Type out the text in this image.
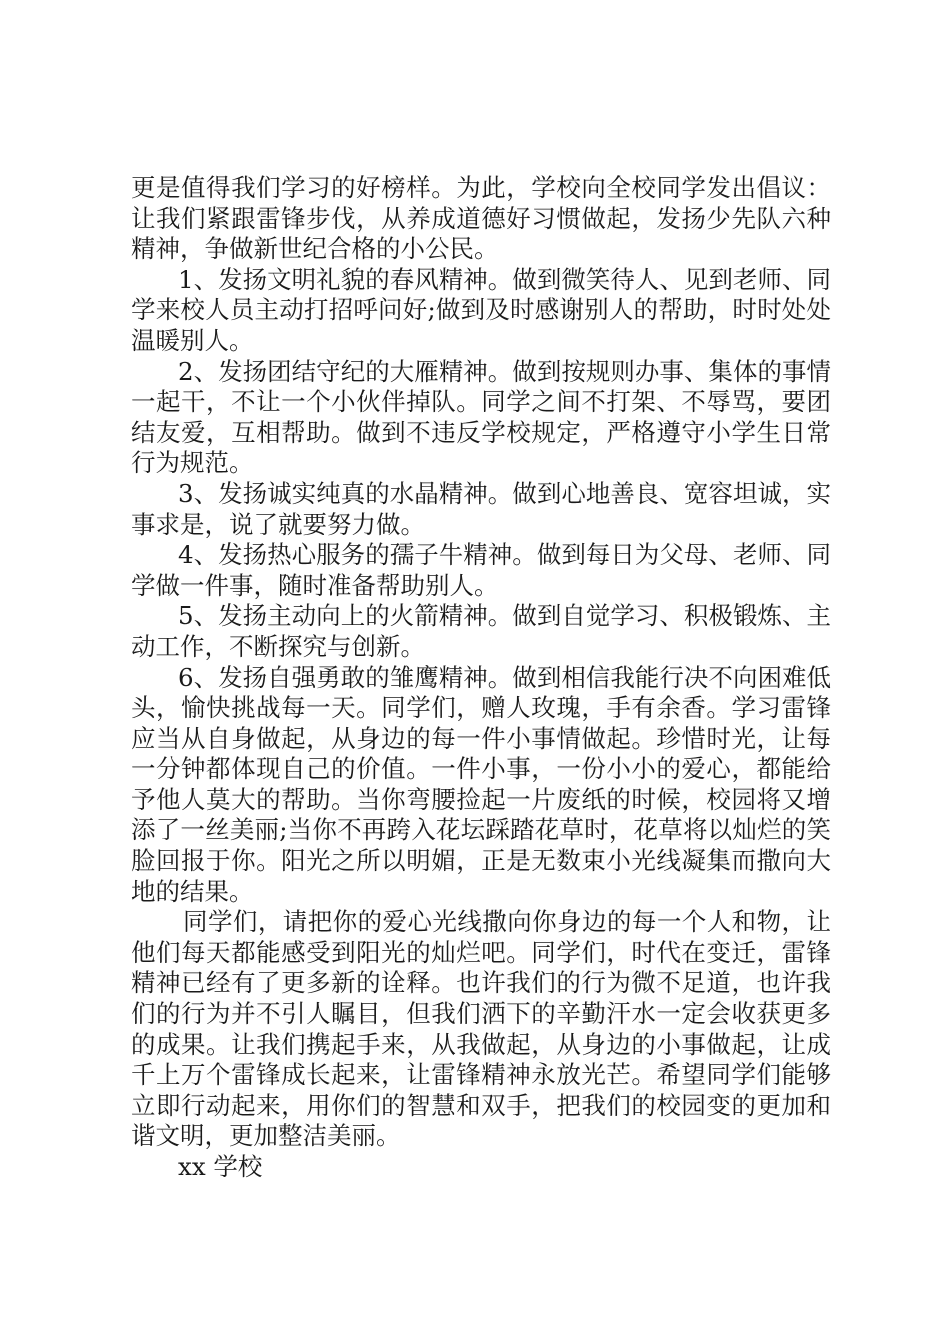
更是值得我们学习的好榜样。为此，学校向全校同学发出倡议：让我们紧跟雷锋步伐，从养成道德好习惯做起，发扬少先队六种精神，争做新世纪合格的小公民。

1、发扬文明礼貌的春风精神。做到微笑待人、见到老师、同学来校人员主动打招呼问好;做到及时感谢别人的帮助，时时处处温暖别人。

2、发扬团结守纪的大雁精神。做到按规则办事、集体的事情一起干，不让一个小伙伴掉队。同学之间不打架、不辱骂，要团结友爱，互相帮助。做到不违反学校规定，严格遵守小学生日常行为规范。

3、发扬诚实纯真的水晶精神。做到心地善良、宽容坦诚，实事求是，说了就要努力做。

4、发扬热心服务的孺子牛精神。做到每日为父母、老师、同学做一件事，随时准备帮助别人。

5、发扬主动向上的火箭精神。做到自觉学习、积极锻炼、主动工作，不断探究与创新。

6、发扬自强勇敢的雏鹰精神。做到相信我能行决不向困难低头，愉快挑战每一天。同学们，赠人玫瑰，手有余香。学习雷锋应当从自身做起，从身边的每一件小事情做起。珍惜时光，让每一分钟都体现自己的价值。一件小事，一份小小的爱心，都能给予他人莫大的帮助。当你弯腰捡起一片废纸的时候，校园将又增添了一丝美丽;当你不再跨入花坛踩踏花草时，花草将以灿烂的笑脸回报于你。阳光之所以明媚，正是无数束小光线凝集而撒向大地的结果。

同学们，请把你的爱心光线撒向你身边的每一个人和物，让他们每天都能感受到阳光的灿烂吧。同学们，时代在变迁，雷锋精神已经有了更多新的诠释。也许我们的行为微不足道，也许我们的行为并不引人瞩目，但我们洒下的辛勤汗水一定会收获更多的成果。让我们携起手来，从我做起，从身边的小事做起，让成千上万个雷锋成长起来，让雷锋精神永放光芒。希望同学们能够立即行动起来，用你们的智慧和双手，把我们的校园变的更加和谐文明，更加整洁美丽。

xx 学校
